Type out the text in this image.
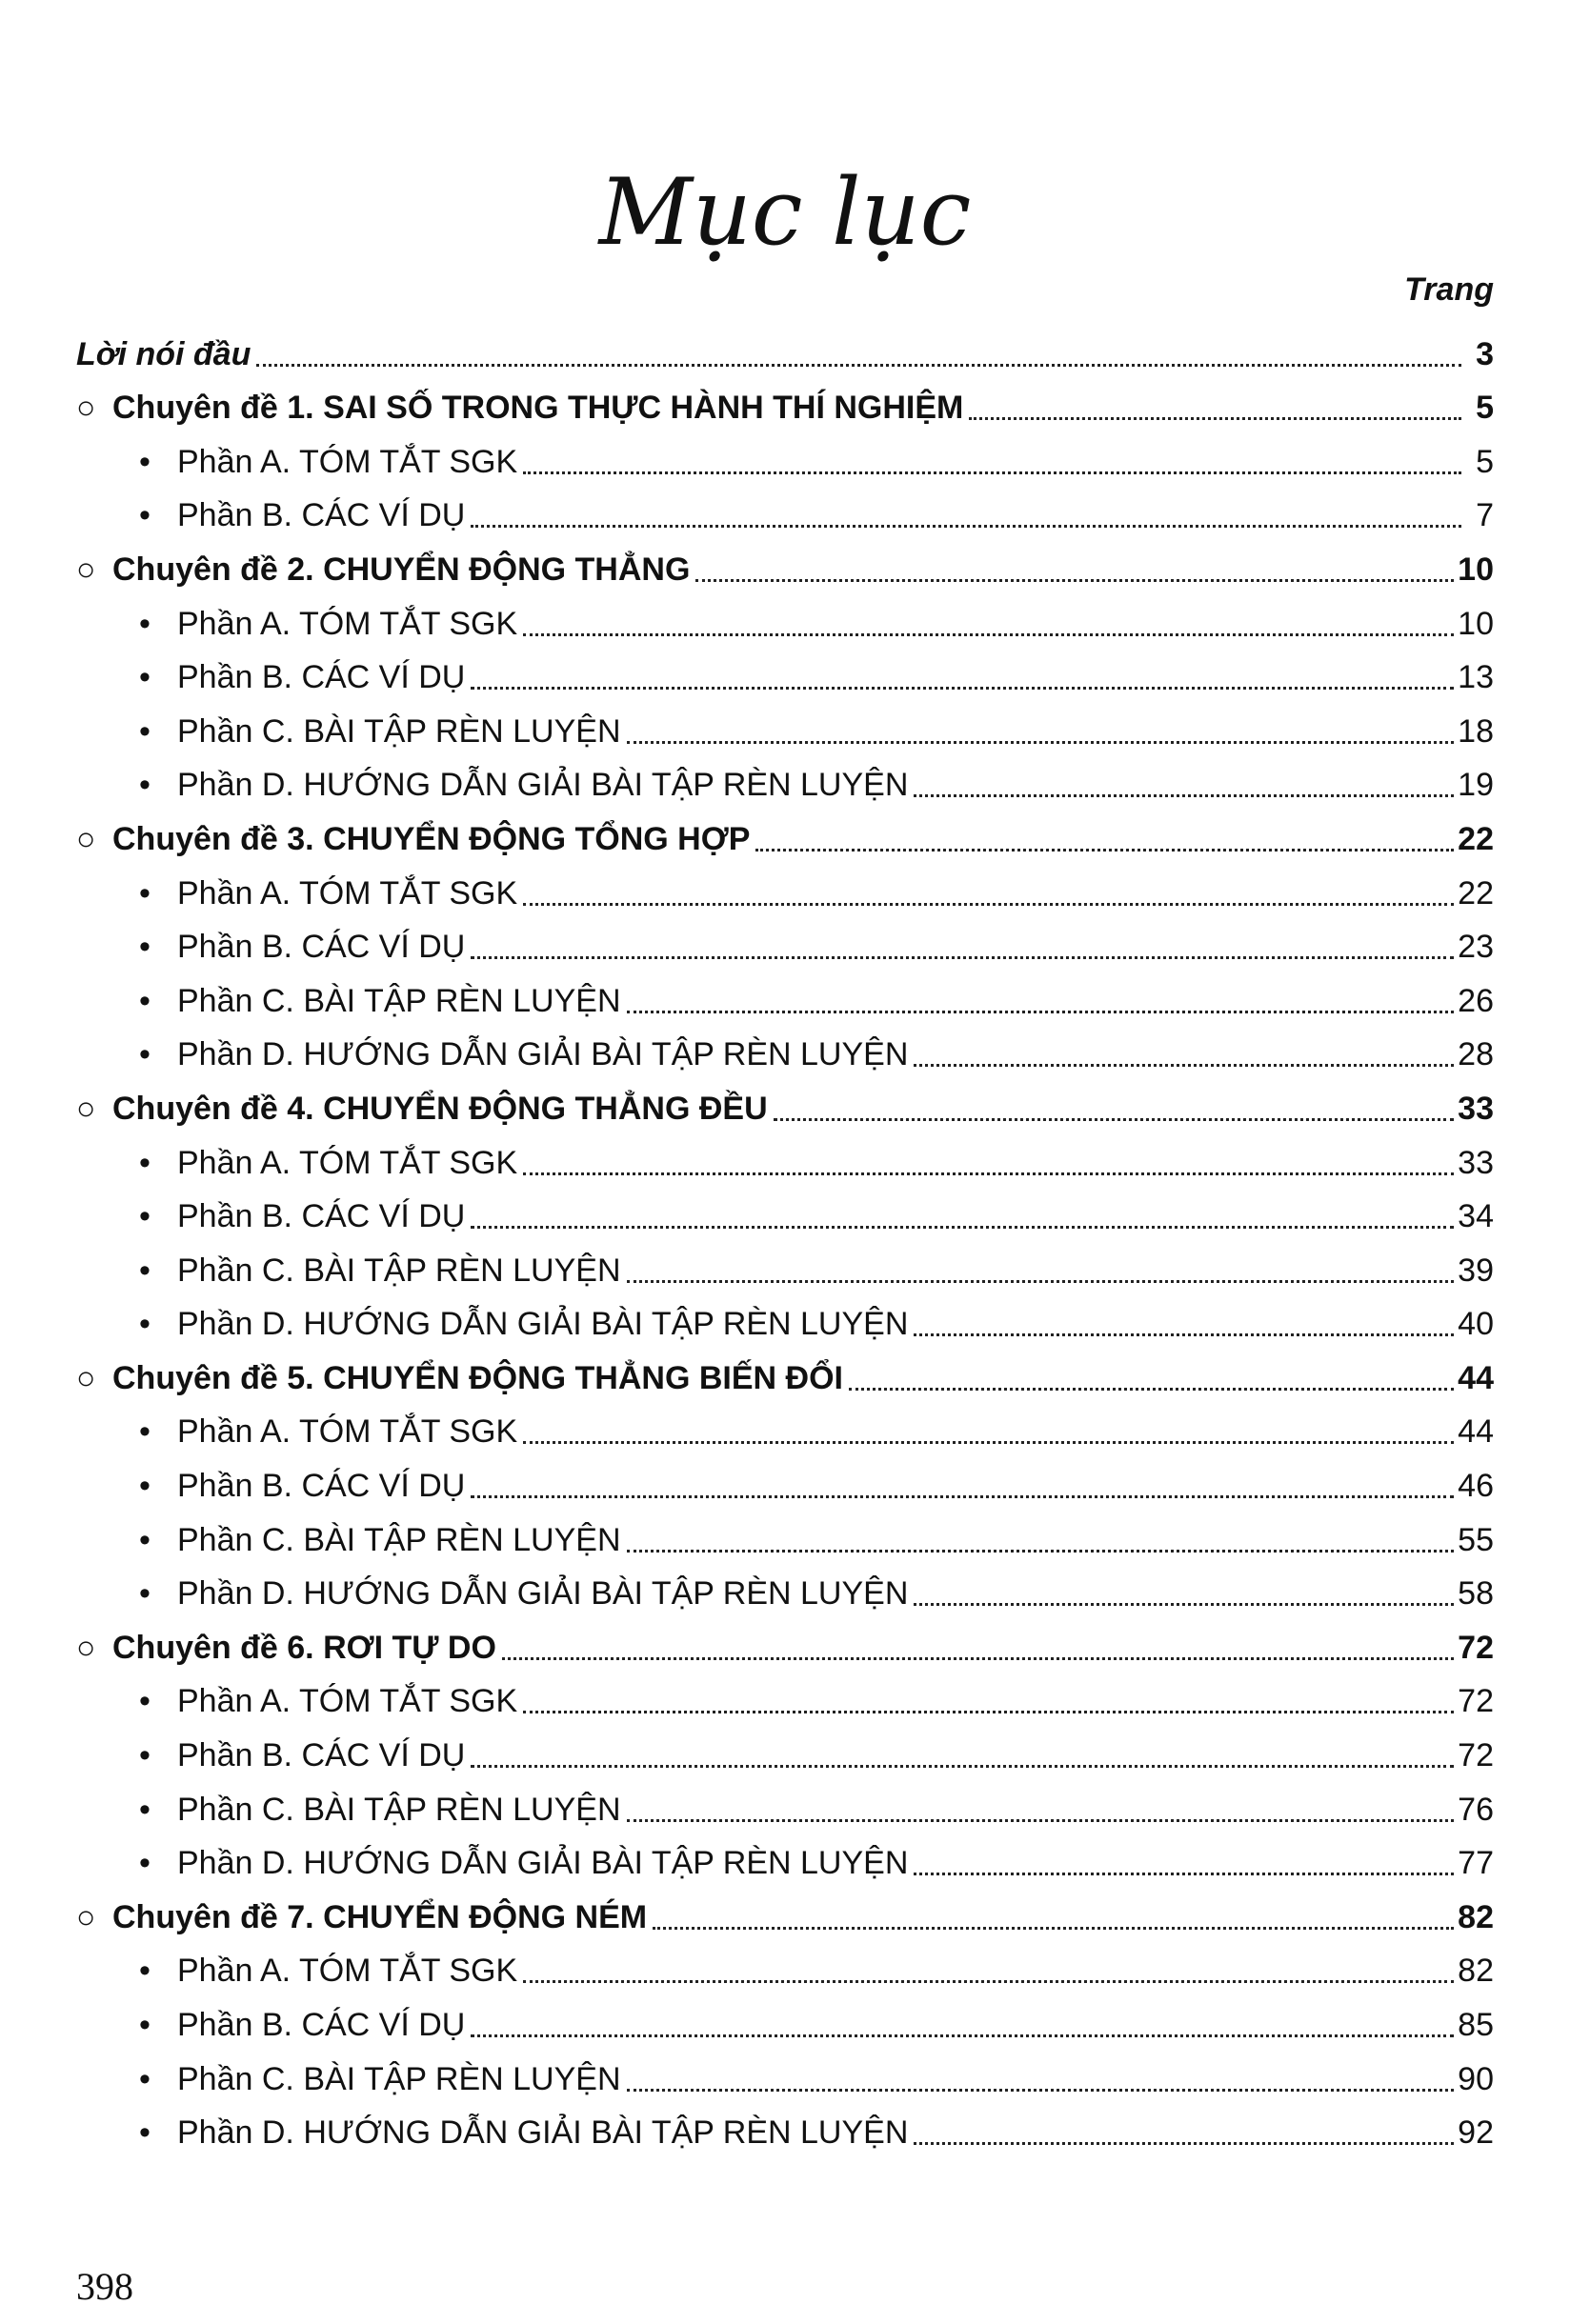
Mục lục
Trang
Lời nói đầu	3
○ Chuyên đề 1. SAI SỐ TRONG THỰC HÀNH THÍ NGHIỆM	5
• Phần A. TÓM TẮT SGK	5
• Phần B. CÁC VÍ DỤ	7
○ Chuyên đề 2. CHUYỂN ĐỘNG THẲNG	10
• Phần A. TÓM TẮT SGK	10
• Phần B. CÁC VÍ DỤ	13
• Phần C. BÀI TẬP RÈN LUYỆN	18
• Phần D. HƯỚNG DẪN GIẢI BÀI TẬP RÈN LUYỆN	19
○ Chuyên đề 3. CHUYỂN ĐỘNG TỔNG HỢP	22
• Phần A. TÓM TẮT SGK	22
• Phần B. CÁC VÍ DỤ	23
• Phần C. BÀI TẬP RÈN LUYỆN	26
• Phần D. HƯỚNG DẪN GIẢI BÀI TẬP RÈN LUYỆN	28
○ Chuyên đề 4. CHUYỂN ĐỘNG THẲNG ĐỀU	33
• Phần A. TÓM TẮT SGK	33
• Phần B. CÁC VÍ DỤ	34
• Phần C. BÀI TẬP RÈN LUYỆN	39
• Phần D. HƯỚNG DẪN GIẢI BÀI TẬP RÈN LUYỆN	40
○ Chuyên đề 5. CHUYỂN ĐỘNG THẲNG BIẾN ĐỔI	44
• Phần A. TÓM TẮT SGK	44
• Phần B. CÁC VÍ DỤ	46
• Phần C. BÀI TẬP RÈN LUYỆN	55
• Phần D. HƯỚNG DẪN GIẢI BÀI TẬP RÈN LUYỆN	58
○ Chuyên đề 6. RƠI TỰ DO	72
• Phần A. TÓM TẮT SGK	72
• Phần B. CÁC VÍ DỤ	72
• Phần C. BÀI TẬP RÈN LUYỆN	76
• Phần D. HƯỚNG DẪN GIẢI BÀI TẬP RÈN LUYỆN	77
○ Chuyên đề 7. CHUYỂN ĐỘNG NÉM	82
• Phần A. TÓM TẮT SGK	82
• Phần B. CÁC VÍ DỤ	85
• Phần C. BÀI TẬP RÈN LUYỆN	90
• Phần D. HƯỚNG DẪN GIẢI BÀI TẬP RÈN LUYỆN	92
398
